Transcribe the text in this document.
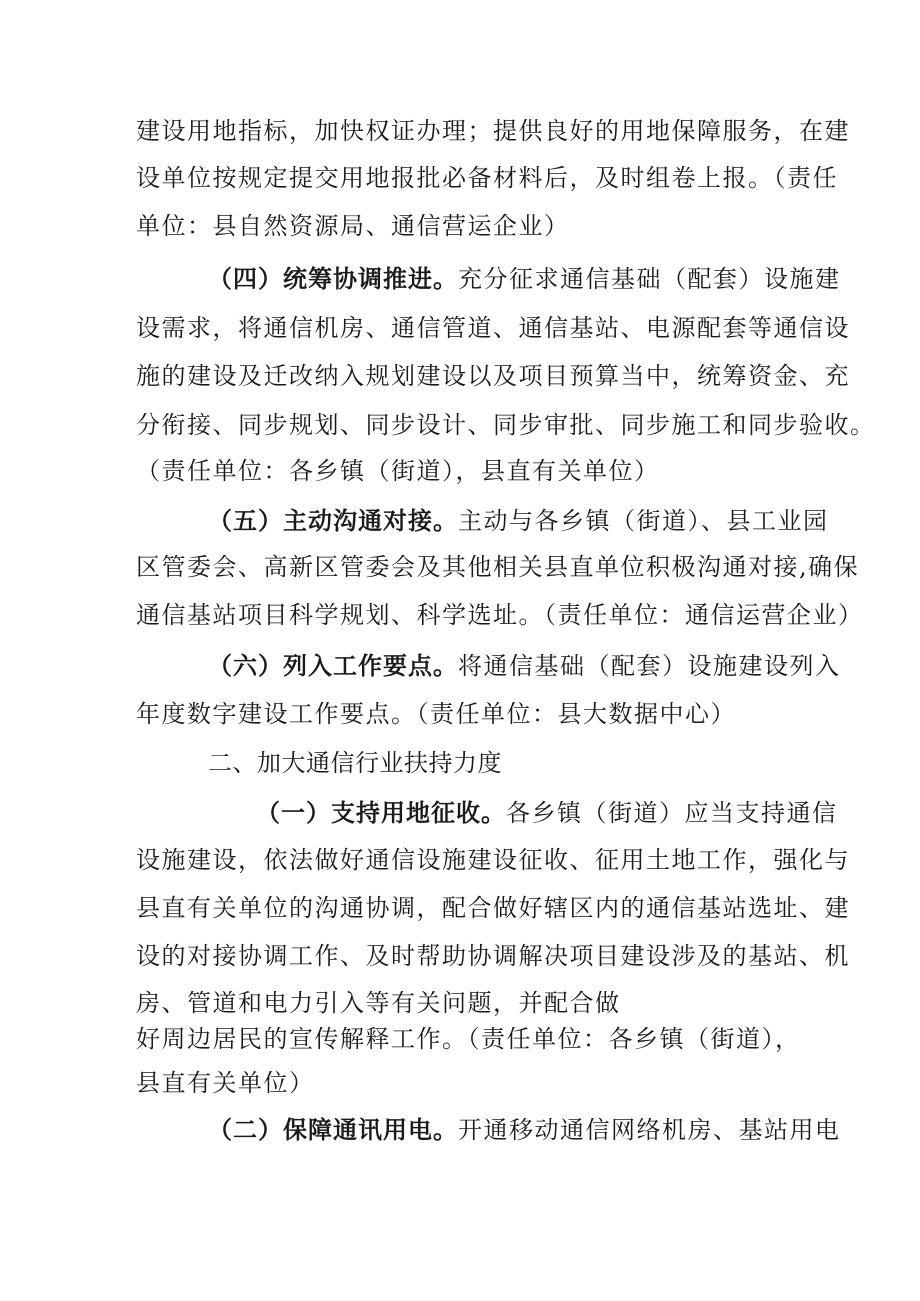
建设用地指标，加快权证办理；提供良好的用地保障服务，在建
设单位按规定提交用地报批必备材料后，及时组卷上报。（责任
单位：县自然资源局、通信营运企业）
（四）统筹协调推进。充分征求通信基础（配套）设施建
设需求，将通信机房、通信管道、通信基站、电源配套等通信设
施的建设及迁改纳入规划建设以及项目预算当中，统筹资金、充
分衔接、同步规划、同步设计、同步审批、同步施工和同步验收。
（责任单位：各乡镇（街道），县直有关单位）
（五）主动沟通对接。主动与各乡镇（街道）、县工业园
区管委会、高新区管委会及其他相关县直单位积极沟通对接,确保
通信基站项目科学规划、科学选址。（责任单位：通信运营企业）
（六）列入工作要点。将通信基础（配套）设施建设列入
年度数字建设工作要点。（责任单位：县大数据中心）
二、加大通信行业扶持力度
（一）支持用地征收。各乡镇（街道）应当支持通信
设施建设，依法做好通信设施建设征收、征用土地工作，强化与
县直有关单位的沟通协调，配合做好辖区内的通信基站选址、建
设的对接协调工作、及时帮助协调解决项目建设涉及的基站、机
房、管道和电力引入等有关问题，并配合做
好周边居民的宣传解释工作。（责任单位：各乡镇（街道），
县直有关单位）
（二）保障通讯用电。开通移动通信网络机房、基站用电
